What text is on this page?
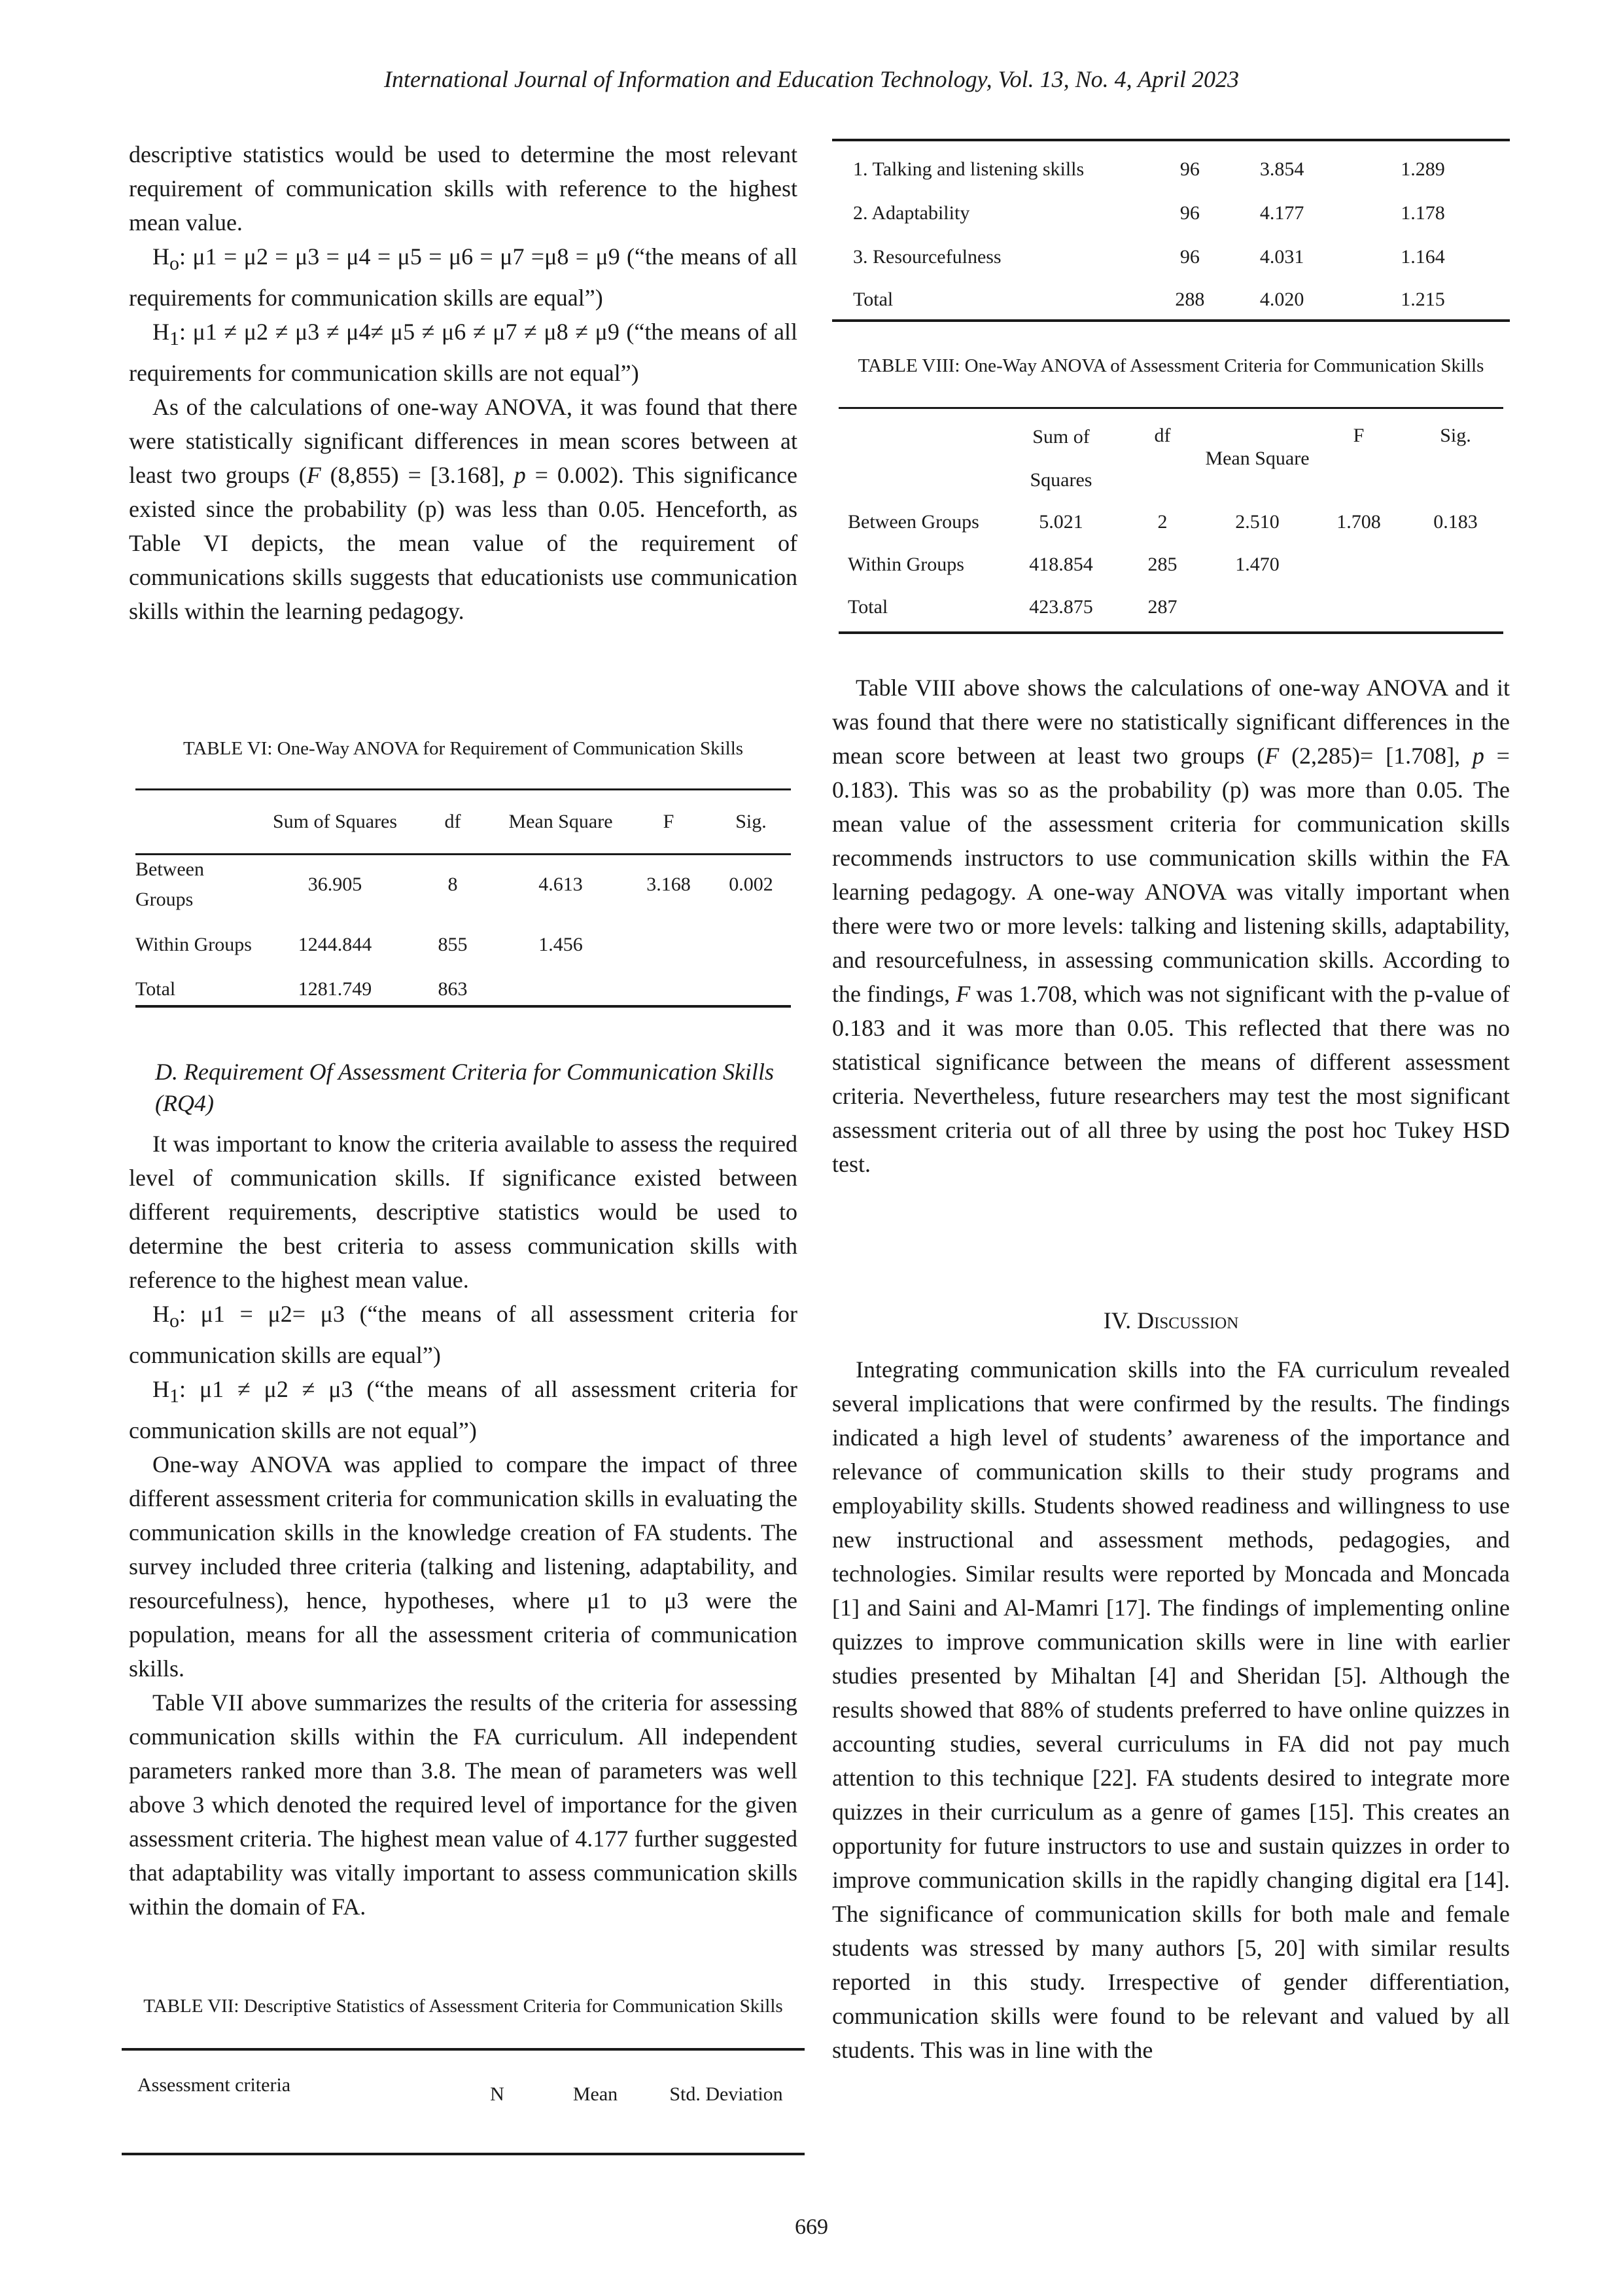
International Journal of Information and Education Technology, Vol. 13, No. 4, April 2023

descriptive statistics would be used to determine the most relevant requirement of communication skills with reference to the highest mean value.

$H_o$: μ1 = μ2 = μ3 = μ4 = μ5 = μ6 = μ7 =μ8 = μ9 (“the means of all requirements for communication skills are equal”)

$H_1$: μ1 ≠ μ2 ≠ μ3 ≠ μ4≠ μ5 ≠ μ6 ≠ μ7 ≠ μ8 ≠ μ9 (“the means of all requirements for communication skills are not equal”)

As of the calculations of one-way ANOVA, it was found that there were statistically significant differences in mean scores between at least two groups (F (8,855) = [3.168], p = 0.002). This significance existed since the probability (p) was less than 0.05. Henceforth, as Table VI depicts, the mean value of the requirement of communications skills suggests that educationists use communication skills within the learning pedagogy.

TABLE VI: One-Way ANOVA for Requirement of Communication Skills
	Sum of Squares	df	Mean Square	F	Sig.
Between Groups	36.905	8	4.613	3.168	0.002
Within Groups	1244.844	855	1.456		
Total	1281.749	863			
D. Requirement Of Assessment Criteria for Communication Skills (RQ4)

It was important to know the criteria available to assess the required level of communication skills. If significance existed between different requirements, descriptive statistics would be used to determine the best criteria to assess communication skills with reference to the highest mean value.

$H_o$: μ1 = μ2= μ3 (“the means of all assessment criteria for communication skills are equal”)

$H_1$: μ1 ≠ μ2 ≠ μ3 (“the means of all assessment criteria for communication skills are not equal”)

One-way ANOVA was applied to compare the impact of three different assessment criteria for communication skills in evaluating the communication skills in the knowledge creation of FA students. The survey included three criteria (talking and listening, adaptability, and resourcefulness), hence, hypotheses, where μ1 to μ3 were the population, means for all the assessment criteria of communication skills.

Table VII above summarizes the results of the criteria for assessing communication skills within the FA curriculum. All independent parameters ranked more than 3.8. The mean of parameters was well above 3 which denoted the required level of importance for the given assessment criteria. The highest mean value of 4.177 further suggested that adaptability was vitally important to assess communication skills within the domain of FA.

TABLE VII: Descriptive Statistics of Assessment Criteria for Communication Skills
Assessment criteria	N	Mean	Std. Deviation
1. Talking and listening skills	96	3.854	1.289
2. Adaptability	96	4.177	1.178
3. Resourcefulness	96	4.031	1.164
Total	288	4.020	1.215
TABLE VIII: One-Way ANOVA of Assessment Criteria for Communication Skills
	Sum of Squares	df	Mean Square	F	Sig.
Between Groups	5.021	2	2.510	1.708	0.183
Within Groups	418.854	285	1.470		
Total	423.875	287			

Table VIII above shows the calculations of one-way ANOVA and it was found that there were no statistically significant differences in the mean score between at least two groups (F (2,285)= [1.708], p = 0.183). This was so as the probability (p) was more than 0.05. The mean value of the assessment criteria for communication skills recommends instructors to use communication skills within the FA learning pedagogy. A one-way ANOVA was vitally important when there were two or more levels: talking and listening skills, adaptability, and resourcefulness, in assessing communication skills. According to the findings, F was 1.708, which was not significant with the p-value of 0.183 and it was more than 0.05. This reflected that there was no statistical significance between the means of different assessment criteria. Nevertheless, future researchers may test the most significant assessment criteria out of all three by using the post hoc Tukey HSD test.

IV. Discussion

Integrating communication skills into the FA curriculum revealed several implications that were confirmed by the results. The findings indicated a high level of students’ awareness of the importance and relevance of communication skills to their study programs and employability skills. Students showed readiness and willingness to use new instructional and assessment methods, pedagogies, and technologies. Similar results were reported by Moncada and Moncada [1] and Saini and Al-Mamri [17]. The findings of implementing online quizzes to improve communication skills were in line with earlier studies presented by Mihaltan [4] and Sheridan [5]. Although the results showed that 88% of students preferred to have online quizzes in accounting studies, several curriculums in FA did not pay much attention to this technique [22]. FA students desired to integrate more quizzes in their curriculum as a genre of games [15]. This creates an opportunity for future instructors to use and sustain quizzes in order to improve communication skills in the rapidly changing digital era [14]. The significance of communication skills for both male and female students was stressed by many authors [5, 20] with similar results reported in this study. Irrespective of gender differentiation, communication skills were found to be relevant and valued by all students. This was in line with the

669
